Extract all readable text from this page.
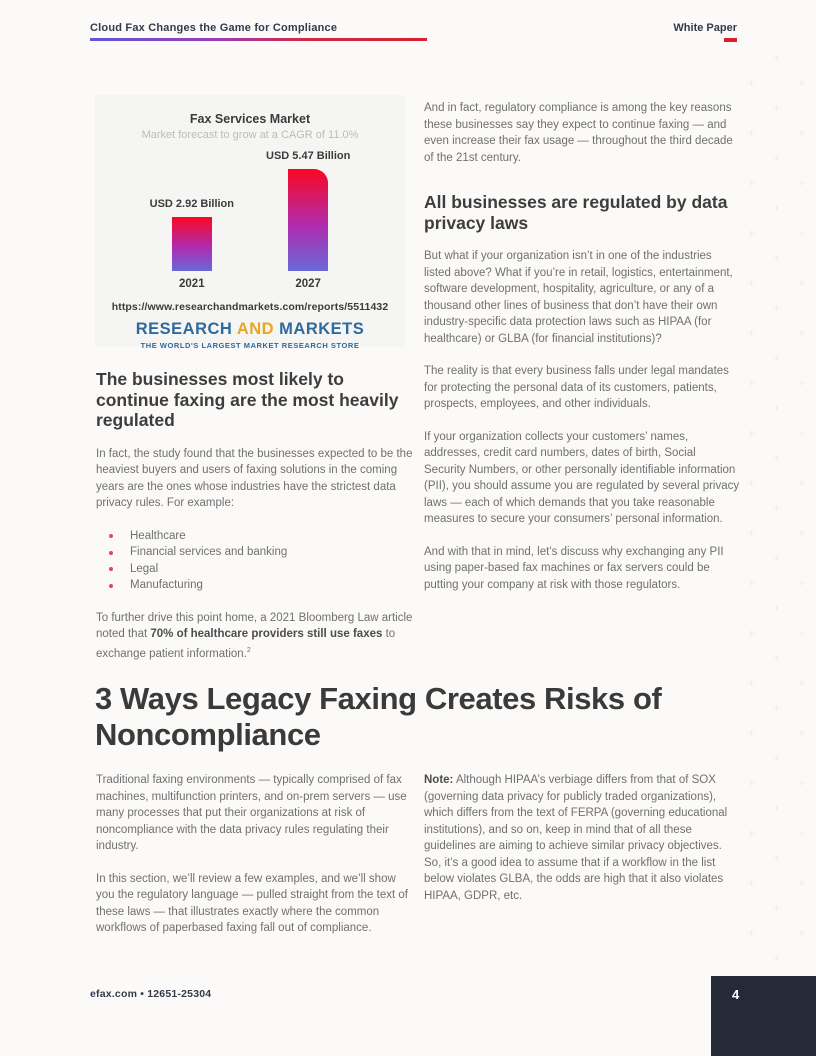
· + ·
+ · +
· + ·
+ · +
· + ·
+ · +
· + ·
+ · +
· + ·
+ · +
· + ·
+ · +
· + ·
+ · +
· + ·
+ · +
· + ·
+ · +
· + ·
+ · +
· + ·
+ · +
· + ·
+ · +
· + ·
+ · +
· + ·
+ · +
· + ·
+ · +
· + ·
+ · +
· + ·
+ · +
· + ·
+ · +
· + ·
Cloud Fax Changes the Game for Compliance	White Paper
Fax Services Market
Market forecast to grow at a CAGR of 11.0%
USD 2.92 Billion
2021
USD 5.47 Billion
2027
https://www.researchandmarkets.com/reports/5511432
RESEARCH AND MARKETS
THE WORLD'S LARGEST MARKET RESEARCH STORE

And in fact, regulatory compliance is among the key reasons these businesses say they expect to continue faxing — and even increase their fax usage — throughout the third decade of the 21st century.

All businesses are regulated by data privacy laws

But what if your organization isn’t in one of the industries listed above? What if you’re in retail, logistics, entertainment, software development, hospitality, agriculture, or any of a thousand other lines of business that don’t have their own industry-specific data protection laws such as HIPAA (for healthcare) or GLBA (for financial institutions)?

The reality is that every business falls under legal mandates for protecting the personal data of its customers, patients, prospects, employees, and other individuals.

If your organization collects your customers’ names, addresses, credit card numbers, dates of birth, Social Security Numbers, or other personally identifiable information (PII), you should assume you are regulated by several privacy laws — each of which demands that you take reasonable measures to secure your consumers’ personal information.

And with that in mind, let’s discuss why exchanging any PII using paper-based fax machines or fax servers could be putting your company at risk with those regulators.

The businesses most likely to continue faxing are the most heavily regulated

In fact, the study found that the businesses expected to be the heaviest buyers and users of faxing solutions in the coming years are the ones whose industries have the strictest data privacy rules. For example:

Healthcare
Financial services and banking
Legal
Manufacturing

To further drive this point home, a 2021 Bloomberg Law article noted that 70% of healthcare providers still use faxes to exchange patient information.$^2$

3 Ways Legacy Faxing Creates Risks of Noncompliance

Traditional faxing environments — typically comprised of fax machines, multifunction printers, and on-prem servers — use many processes that put their organizations at risk of noncompliance with the data privacy rules regulating their industry.

In this section, we’ll review a few examples, and we’ll show you the regulatory language — pulled straight from the text of these laws — that illustrates exactly where the common workflows of paperbased faxing fall out of compliance.

Note: Although HIPAA’s verbiage differs from that of SOX (governing data privacy for publicly traded organizations), which differs from the text of FERPA (governing educational institutions), and so on, keep in mind that of all these guidelines are aiming to achieve similar privacy objectives. So, it’s a good idea to assume that if a workflow in the list below violates GLBA, the odds are high that it also violates HIPAA, GDPR, etc.

efax.com • 12651-25304	4
